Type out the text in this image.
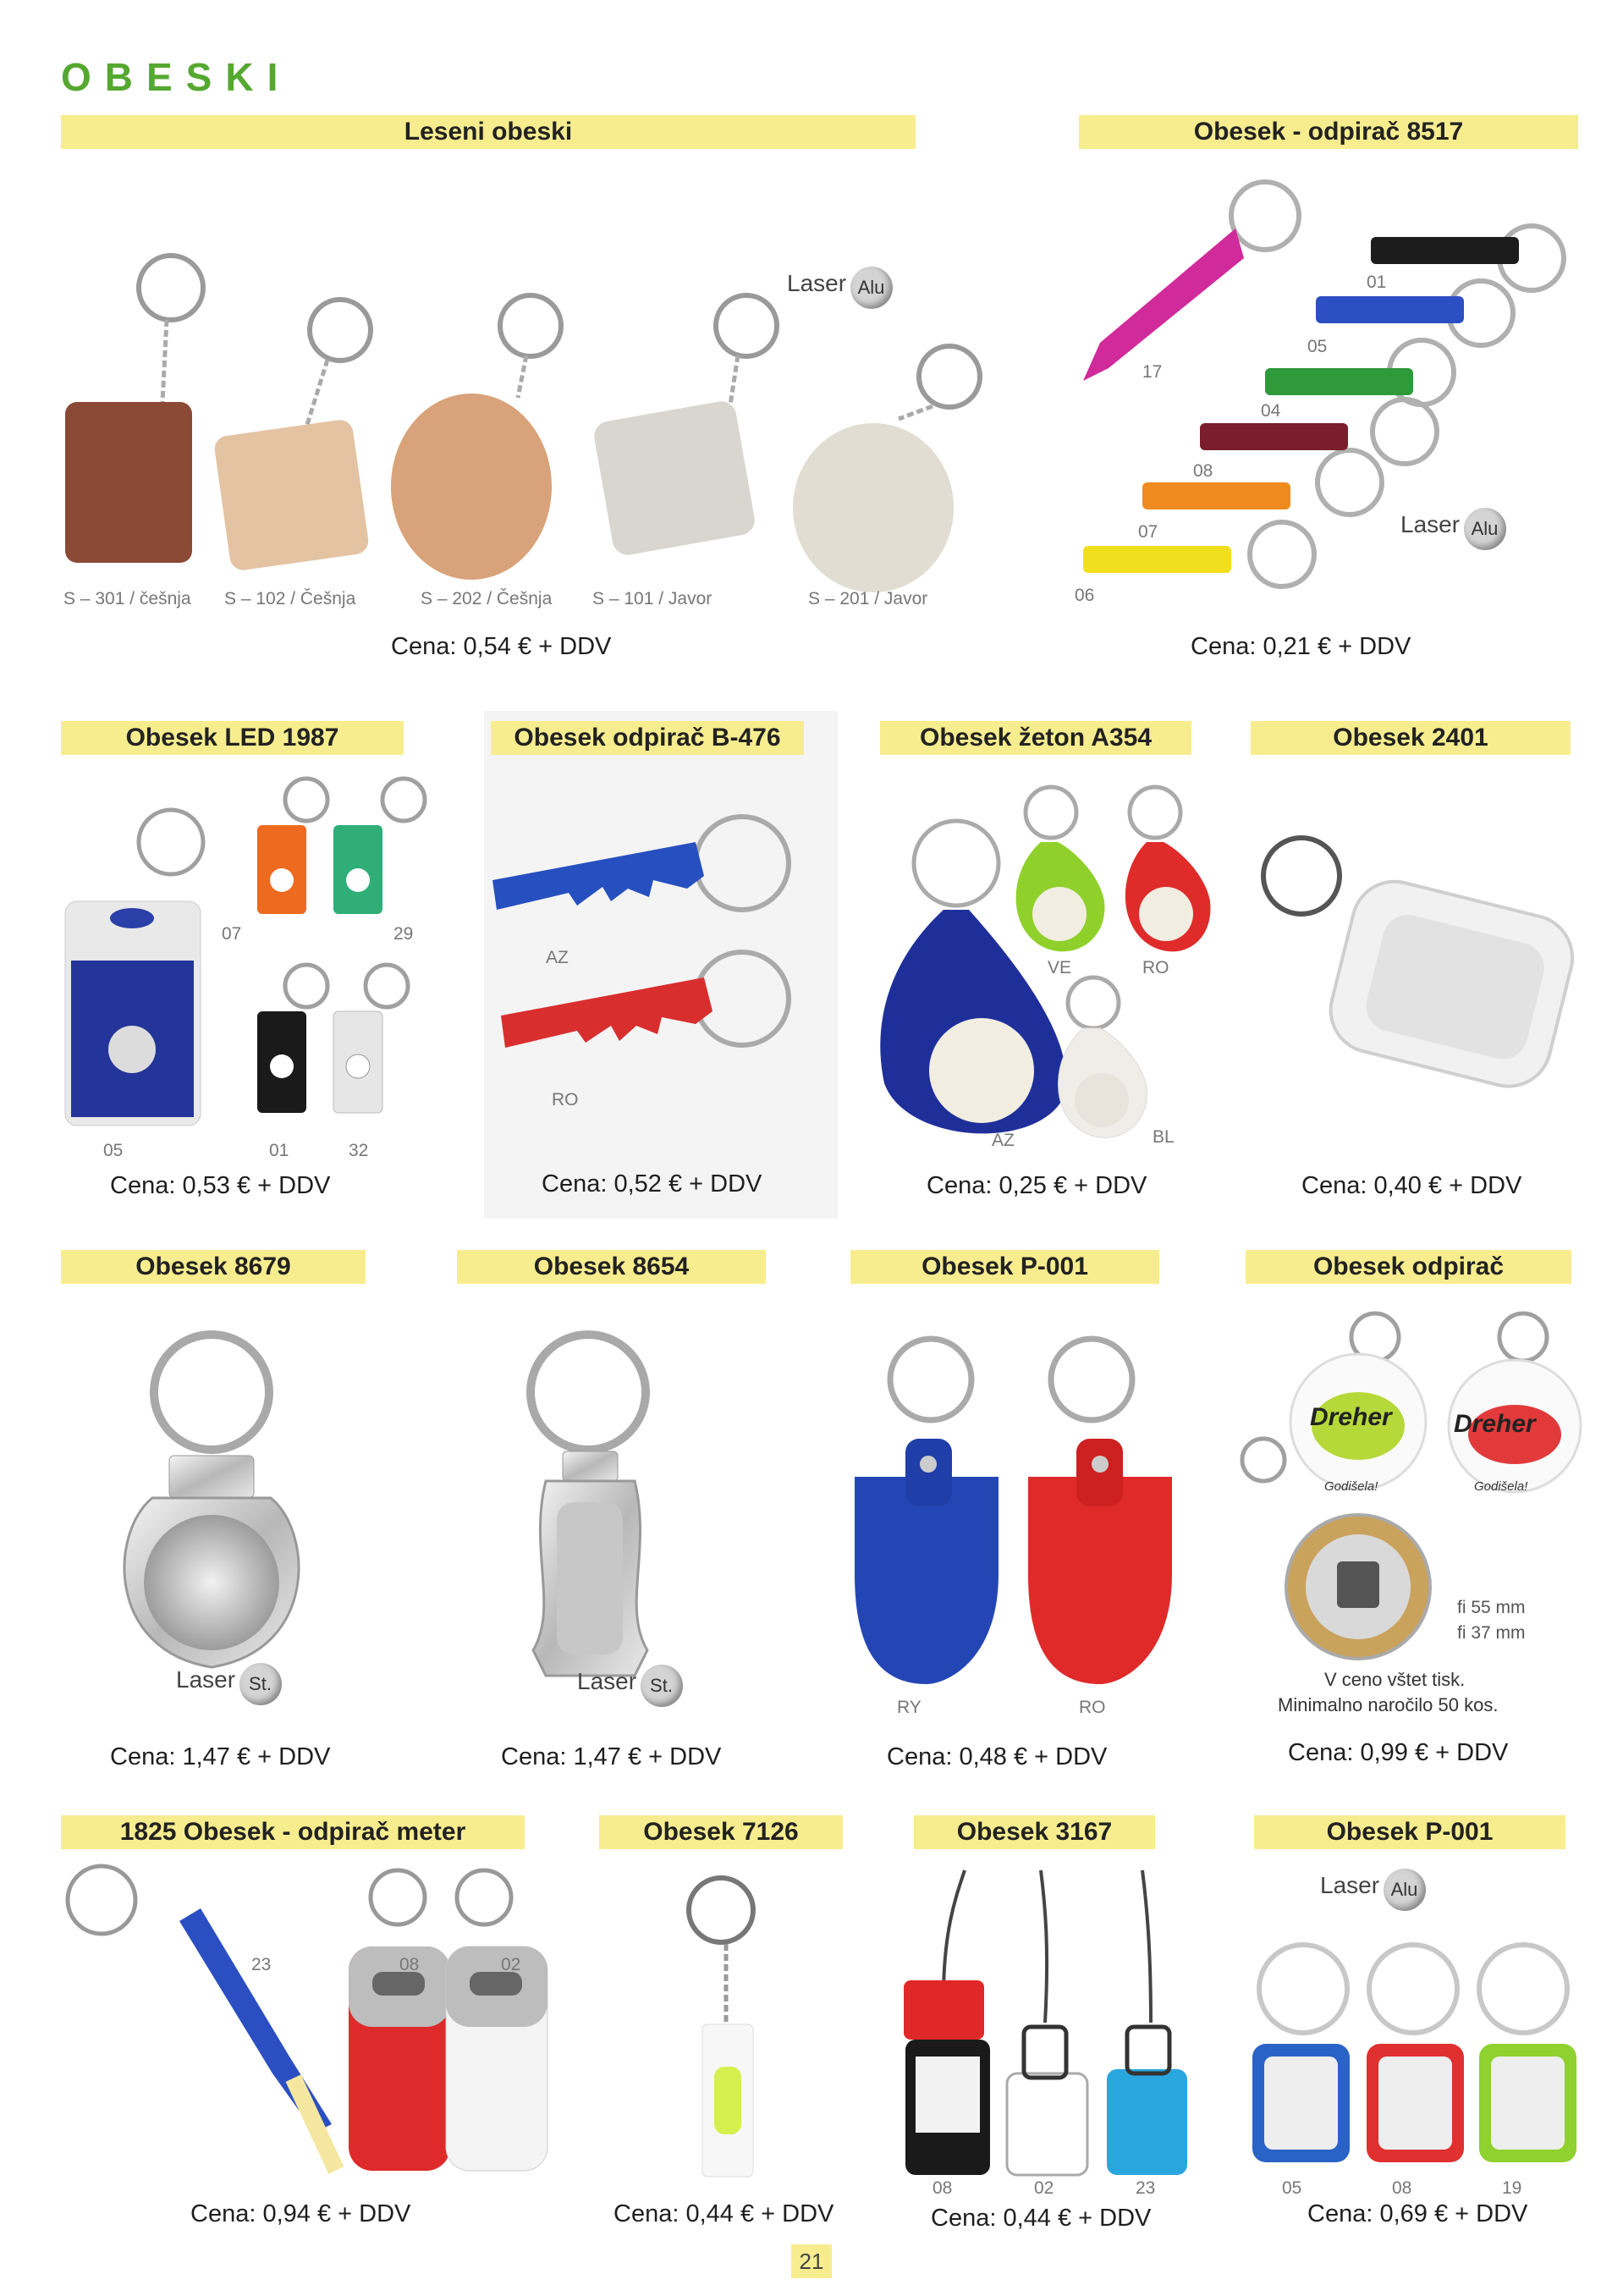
OBESKI
Leseni obeski
Laser Alu
S – 301 / češnja S – 102 / Češnja	S – 202 / Češnja S – 101 / Javor	S – 201 / Javor
Cena: 0,54 € + DDV
Obesek - odpirač 8517
01
05
17
04
08
07
06
Laser Alu
Cena: 0,21 € + DDV
Obesek LED 1987	Obesek odpirač B-476	Obesek žeton A354	Obesek 2401
07	29
05	01	32
Cena: 0,53 € + DDV
AZ
RO
Cena: 0,52 € + DDV
VE	RO
AZ	BL
Cena: 0,25 € + DDV	Cena: 0,40 € + DDV
Obesek 8679	Obesek 8654	Obesek P-001	Obesek odpirač
Laser St.
Cena: 1,47 € + DDV
Laser St.
Cena: 1,47 € + DDV
RY	RO
Cena: 0,48 € + DDV
Dreher Dreher
Godišela!	Godišela!
fi 55 mm
fi 37 mm
V ceno vštet tisk.
Minimalno naročilo 50 kos.
Cena: 0,99 € + DDV
1825 Obesek - odpirač meter	Obesek 7126	Obesek 3167	Obesek P-001
23	08	02
Cena: 0,94 € + DDV	Cena: 0,44 € + DDV
08	02	23
Cena: 0,44 € + DDV
Laser Alu
05	08	19
Cena: 0,69 € + DDV
21
